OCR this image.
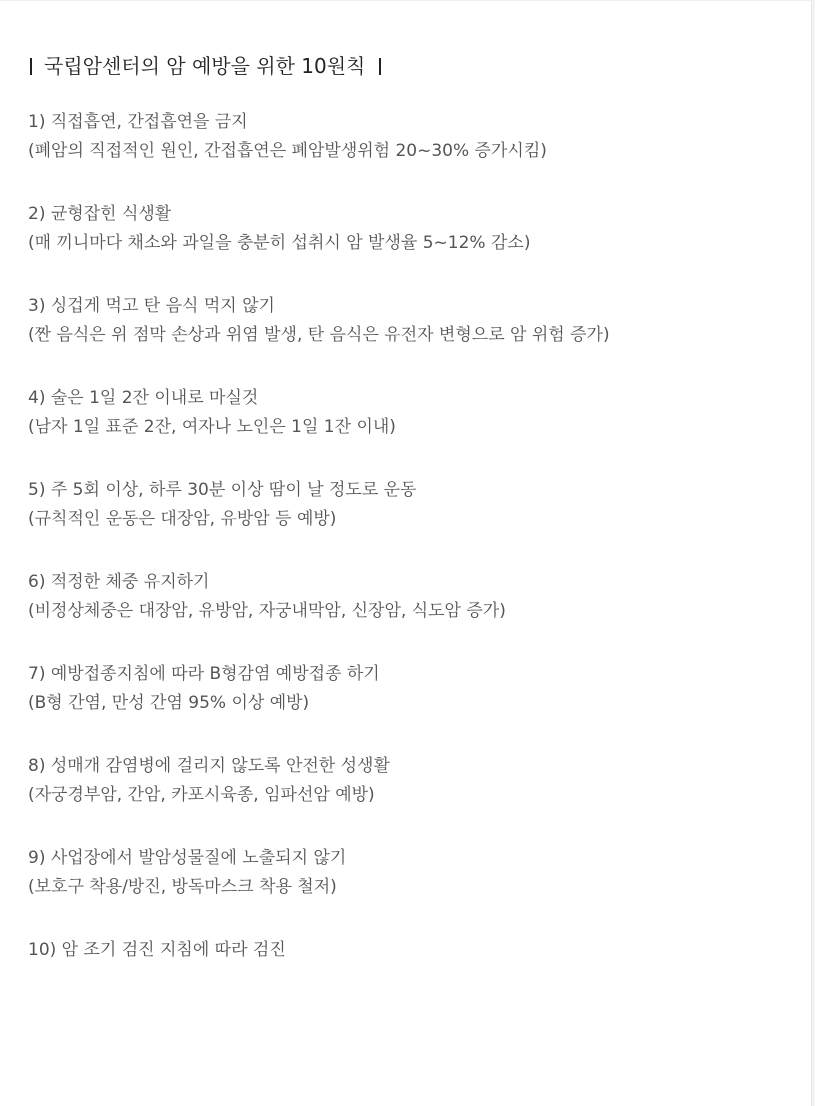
국립암센터의 암 예방을 위한 10원칙
1) 직접흡연, 간접흡연을 금지
(폐암의 직접적인 원인, 간접흡연은 폐암발생위험 20~30% 증가시킴)
2) 균형잡힌 식생활
(매 끼니마다 채소와 과일을 충분히 섭취시 암 발생율 5~12% 감소)
3) 싱겁게 먹고 탄 음식 먹지 않기
(짠 음식은 위 점막 손상과 위염 발생, 탄 음식은 유전자 변형으로 암 위험 증가)
4) 술은 1일 2잔 이내로 마실것
(남자 1일 표준 2잔, 여자나 노인은 1일 1잔 이내)
5) 주 5회 이상, 하루 30분 이상 땀이 날 정도로 운동
(규칙적인 운동은 대장암, 유방암 등 예방)
6) 적정한 체중 유지하기
(비정상체중은 대장암, 유방암, 자궁내막암, 신장암, 식도암 증가)
7) 예방접종지침에 따라 B형감염 예방접종 하기
(B형 간염, 만성 간염 95% 이상 예방)
8) 성매개 감염병에 걸리지 않도록 안전한 성생활
(자궁경부암, 간암, 카포시육종, 임파선암 예방)
9) 사업장에서 발암성물질에 노출되지 않기
(보호구 착용/방진, 방독마스크 착용 철저)
10) 암 조기 검진 지침에 따라 검진
